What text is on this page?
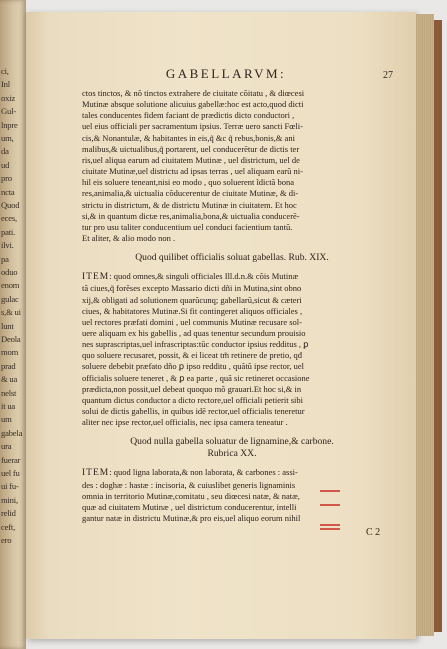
ci,
Inl
oxiz
Gul-
lnpre
um,
da
ud
pro
ncta
Quod
eces,
pati.
ilvi.
pa
oduo
enom
gulac
s,& ui
lunt
Deola
mom
prad
& ua
nelst
it ua
um
gabela
ura
fuerar
uel fu
ui fu-
mini,
relid
ceft,
ero
GABELLARVM:	27
ctos tinctos, & nõ tinctos extrahere de ciuitate cõitatu , & diœcesi
Mutinæ absque solutione alicuius gabellæ:hoc est acto,quod dicti
tales conducentes fidem faciant de prædictis dicto conductori ,
uel eius officiali per sacramentum ipsius. Terræ uero sancti Fœli-
cis,& Nonantulæ, & habitantes in eis,q̃ &c q̃ rebus,bonis,& ani
malibus,& uictualibus,q̃ portarent, uel conducerētur de dictis ter
ris,uel aliqua earum ad ciuitatem Mutinæ , uel districtum, uel de
ciuitate Mutinæ,uel districtu ad ipsas terras , uel aliquam earũ ni-
hil eis soluere teneant,nisi eo modo , quo soluerent ĩdictã bona
res,animalia,& uictualia cõducerentur de ciuitate Mutinæ, & di-
strictu in districtum, & de districtu Mutinæ in ciuitatem. Et hoc
si,& in quantum dictæ res,animalia,bona,& uictualia conducerē-
tur pro usu taliter conducentium uel conduci facientium tantũ.
Et aliter, & alio modo non .
Quod quilibet officialis soluat gabellas. Rub. XIX.
ITEM: quod omnes,& singuli officiales Ill.d.n.& cõis Mutinæ
tã ciues,q̃ forẽses excepto Massario dicti dñi in Mutina,sint obno
xij,& obligati ad solutionem quarũcunq; gabellarũ,sicut & cæteri
ciues, & habitatores Mutinæ.Si fit contingeret aliquos officiales ,
uel rectores præfati domini , uel communis Mutinæ recusare sol-
uere aliquam ex his gabellis , ad quas tenentur secundum prouisio
nes suprascriptas,uel infrascriptas:tūc conductor ipsius redditus , ꝑ
quo soluere recusaret, possit, & ei liceat tm̃ retinere de pretio, qđ
soluere debebit præfato dño ꝑ ipso redditu , quãtũ ipse rector, uel
officialis soluere teneret , & ꝑ ea parte , quã sic retineret occasione
prædicta,non possit,uel debeat quoquo mõ grauari.Et hoc si,& in
quantum dictus conductor a dicto rectore,uel officiali petierit sibi
solui de dictis gabellis, in quibus idē rector,uel officialis teneretur
aliter nec ipse rector,uel officialis, nec ipsa camera teneatur .
Quod nulla gabella soluatur de lignamine,& carbone.
Rubrica XX.
ITEM: quod ligna laborata,& non laborata, & carbones : assi-
des : doghæ : hastæ : incisoria, & cuiuslibet generis lignaminis
omnia in territorio Mutinæ,comitatu , seu diœcesi natæ, & natæ,
quæ ad ciuitatem Mutinæ , uel districtum conducerentur, intelli
gantur natæ in districtu Mutinæ,& pro eis,uel aliquo eorum nihil
C 2
